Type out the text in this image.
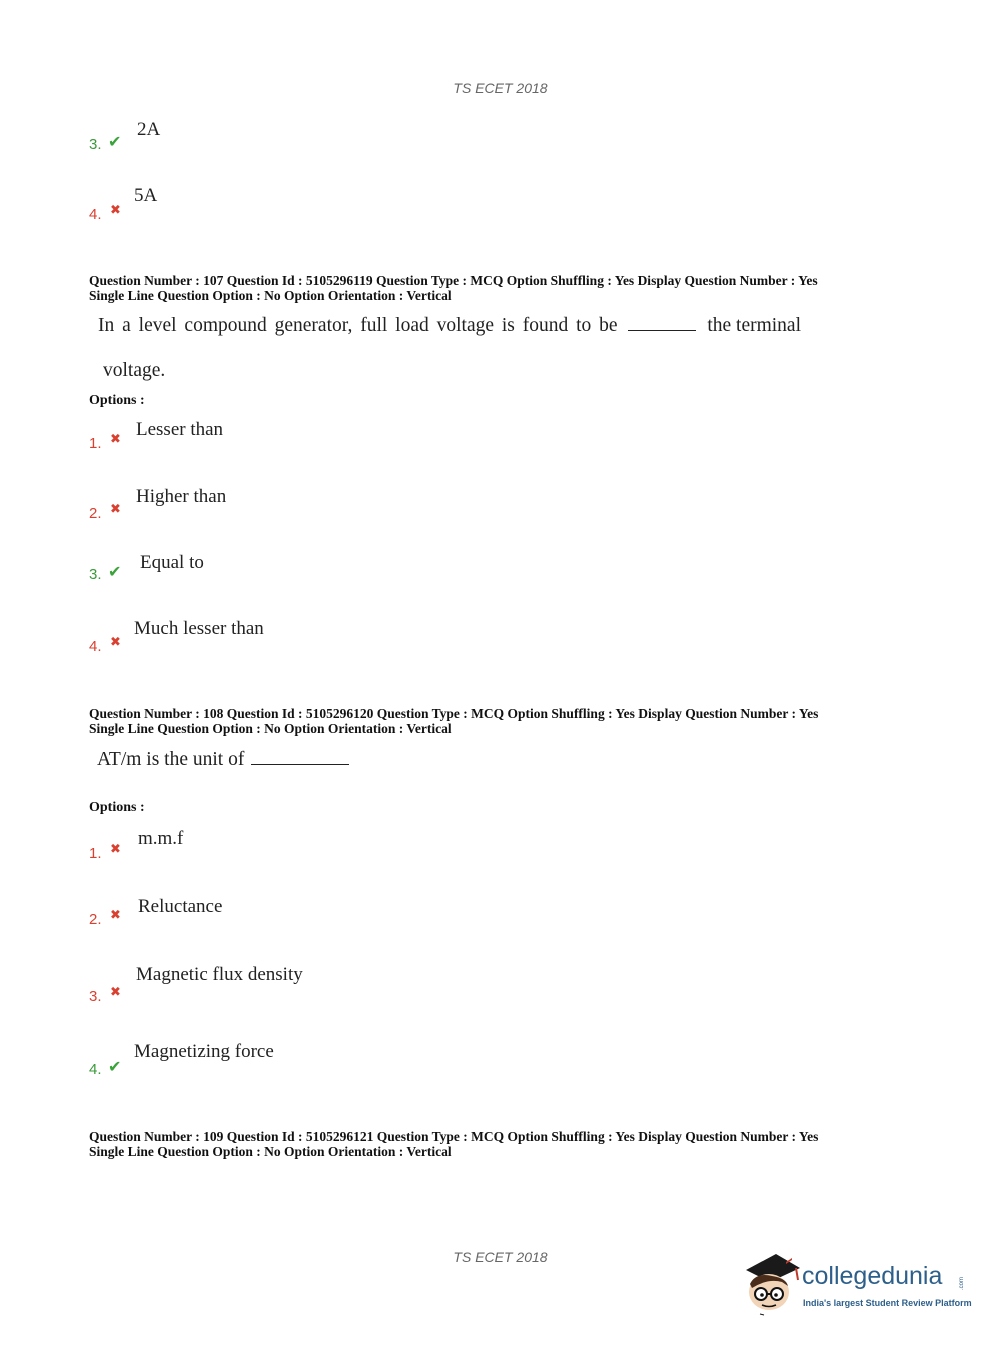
TS ECET 2018
3. ✔
2A
4. ✖
5A
Question Number : 107 Question Id : 5105296119 Question Type : MCQ Option Shuffling : Yes Display Question Number : Yes
Single Line Question Option : No Option Orientation : Vertical
In a level compound generator, full load voltage is found to be	the terminal
voltage.
Options :
1. ✖ Lesser than
2. ✖
Higher than
3. ✔ Equal to
4. ✖
Much lesser than
Question Number : 108 Question Id : 5105296120 Question Type : MCQ Option Shuffling : Yes Display Question Number : Yes
Single Line Question Option : No Option Orientation : Vertical
AT/m is the unit of
Options :
1. ✖
m.m.f
2. ✖ Reluctance
3. ✖
Magnetic flux density
4. ✔
Magnetizing force
Question Number : 109 Question Id : 5105296121 Question Type : MCQ Option Shuffling : Yes Display Question Number : Yes
Single Line Question Option : No Option Orientation : Vertical
TS ECET 2018
collegedunia	.com
India's largest Student Review Platform
